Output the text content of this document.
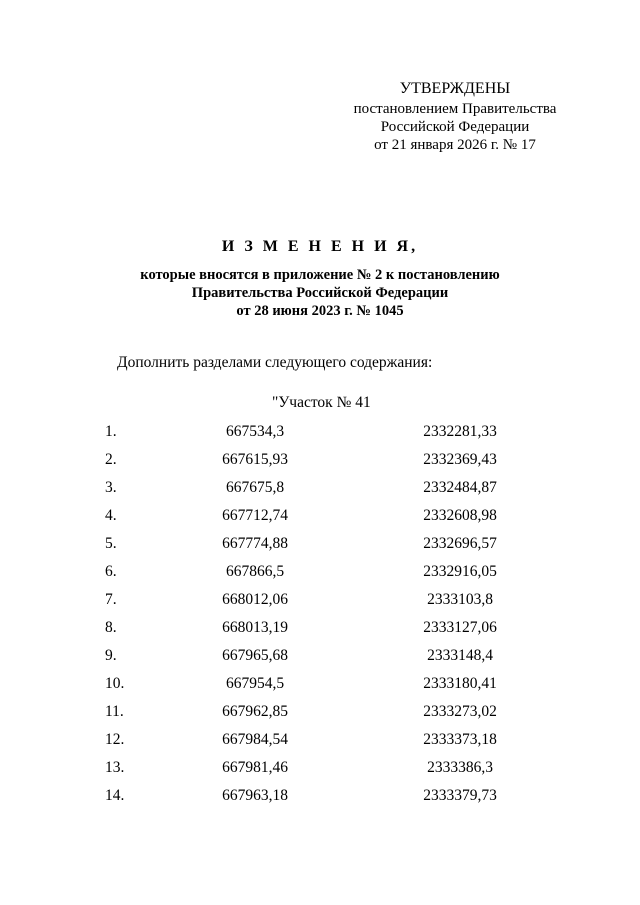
УТВЕРЖДЕНЫ
постановлением Правительства
Российской Федерации
от 21 января 2026 г. № 17
И З М Е Н Е Н И Я,
которые вносятся в приложение № 2 к постановлению
Правительства Российской Федерации
от 28 июня 2023 г. № 1045
Дополнить разделами следующего содержания:
"Участок № 41
1.	667534,3	2332281,33
2.	667615,93	2332369,43
3.	667675,8	2332484,87
4.	667712,74	2332608,98
5.	667774,88	2332696,57
6.	667866,5	2332916,05
7.	668012,06	2333103,8
8.	668013,19	2333127,06
9.	667965,68	2333148,4
10.	667954,5	2333180,41
11.	667962,85	2333273,02
12.	667984,54	2333373,18
13.	667981,46	2333386,3
14.	667963,18	2333379,73
